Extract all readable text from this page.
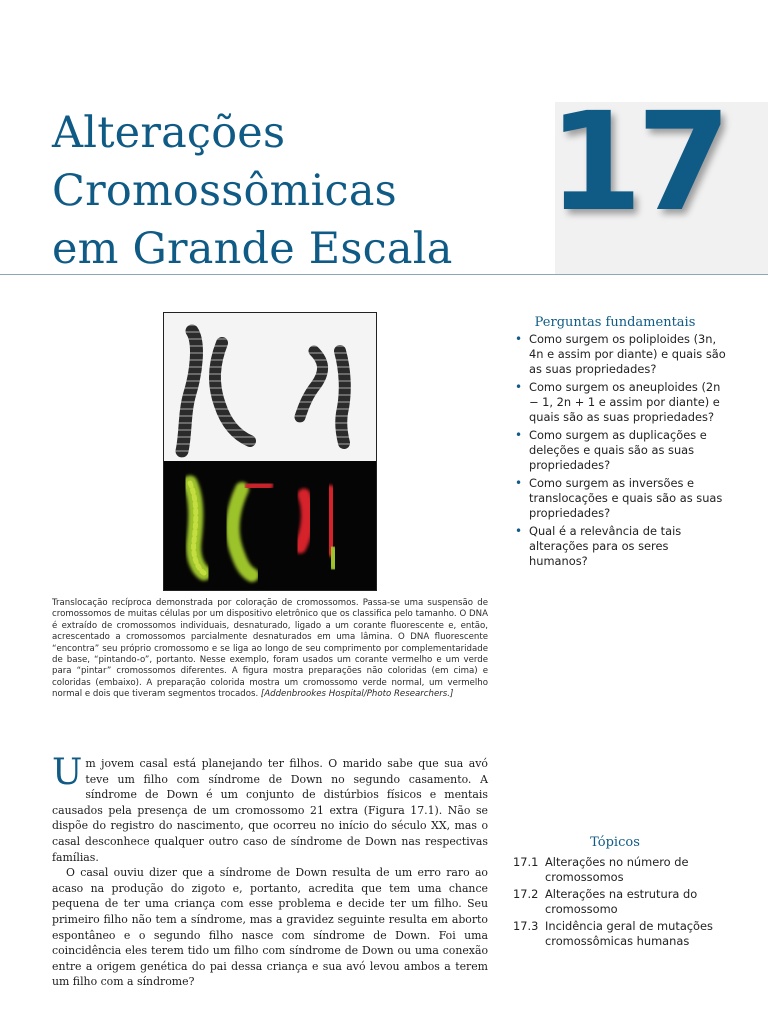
Alterações
Cromossômicas
em Grande Escala
17

Translocação recíproca demonstrada por coloração de cromossomos. Passa-se uma suspensão de cromossomos de muitas células por um dispositivo eletrônico que os classifica pelo tamanho. O DNA é extraído de cromossomos individuais, desnaturado, ligado a um corante fluorescente e, então, acrescentado a cromossomos parcialmente desnaturados em uma lâmina. O DNA fluorescente “encontra” seu próprio cromossomo e se liga ao longo de seu comprimento por complementaridade de base, “pintando-o”, portanto. Nesse exemplo, foram usados um corante vermelho e um verde para “pintar” cromossomos diferentes. A figura mostra preparações não coloridas (em cima) e coloridas (embaixo). A preparação colorida mostra um cromossomo verde normal, um vermelho normal e dois que tiveram segmentos trocados. [Addenbrookes Hospital/Photo Researchers.]

Perguntas fundamentais
• Como surgem os poliploides (3n, 4n e assim por diante) e quais são as suas propriedades?
• Como surgem os aneuploides (2n − 1, 2n + 1 e assim por diante) e quais são as suas propriedades?
• Como surgem as duplicações e deleções e quais são as suas propriedades?
• Como surgem as inversões e translocações e quais são as suas propriedades?
• Qual é a relevância de tais alterações para os seres humanos?

Um jovem casal está planejando ter filhos. O marido sabe que sua avó teve um filho com síndrome de Down no segundo casamento. A síndrome de Down é um conjunto de distúrbios físicos e mentais causados pela presença de um cromossomo 21 extra (Figura 17.1). Não se dispõe do registro do nascimento, que ocorreu no início do século XX, mas o casal desconhece qualquer outro caso de síndrome de Down nas respectivas famílias.

O casal ouviu dizer que a síndrome de Down resulta de um erro raro ao acaso na produção do zigoto e, portanto, acredita que tem uma chance pequena de ter uma criança com esse problema e decide ter um filho. Seu primeiro filho não tem a síndrome, mas a gravidez seguinte resulta em aborto espontâneo e o segundo filho nasce com síndrome de Down. Foi uma coincidência eles terem tido um filho com síndrome de Down ou uma conexão entre a origem genética do pai dessa criança e sua avó levou ambos a terem um filho com a síndrome?

Tópicos
17.1 Alterações no número de cromossomos
17.2 Alterações na estrutura do cromossomo
17.3 Incidência geral de mutações cromossômicas humanas
